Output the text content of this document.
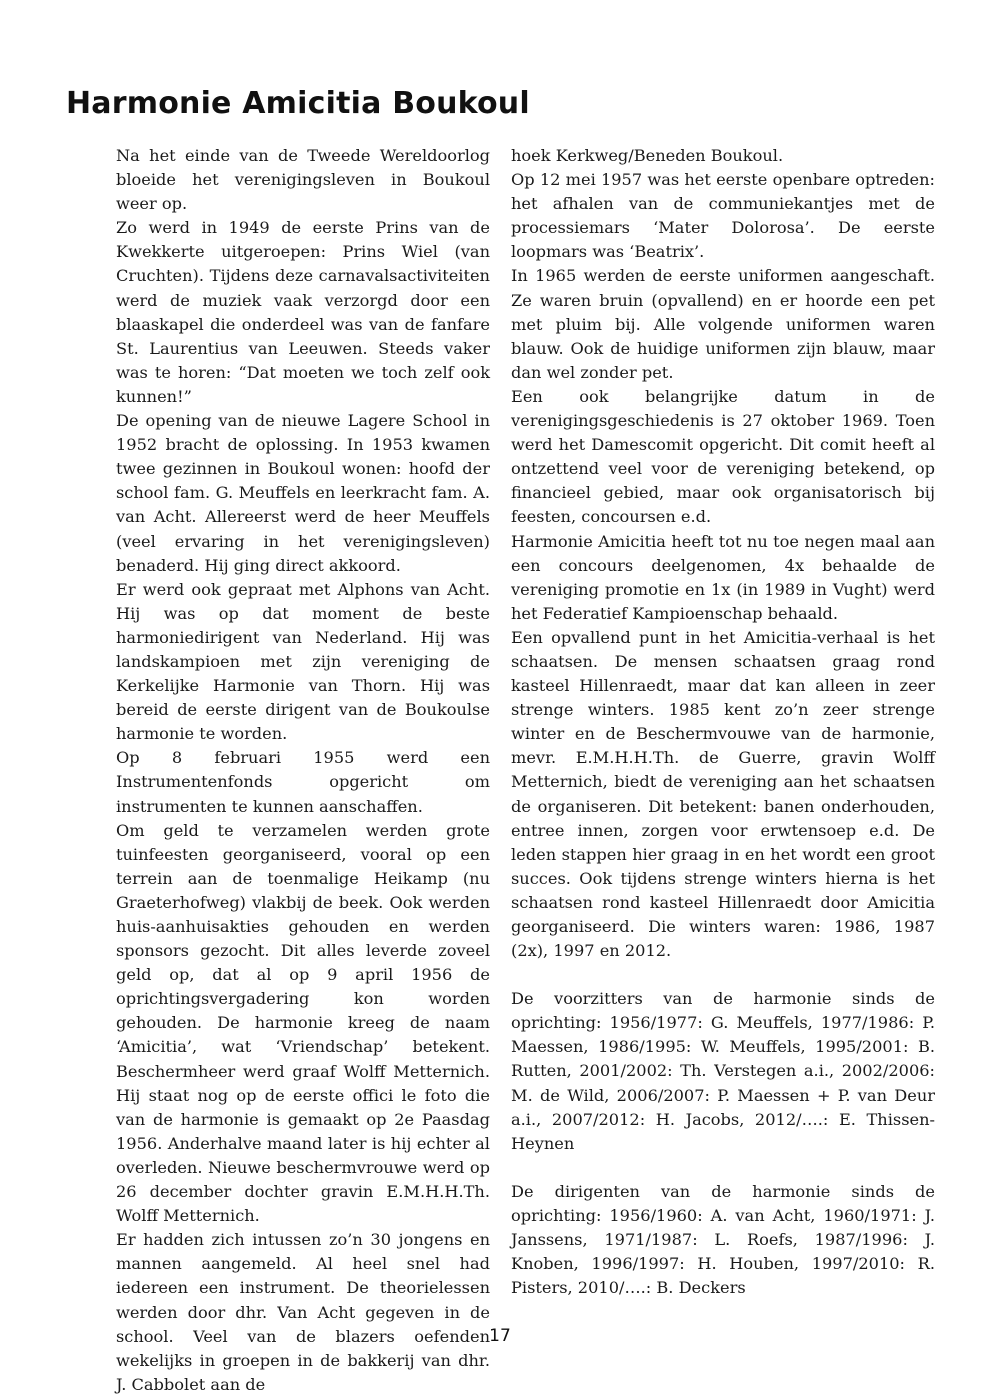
Harmonie Amicitia Boukoul

Na het einde van de Tweede Wereldoorlog bloeide het verenigingsleven in Boukoul weer op.

Zo werd in 1949 de eerste Prins van de Kwekkerte uitgeroepen: Prins Wiel (van Cruchten). Tijdens deze carnavalsactiviteiten werd de muziek vaak verzorgd door een blaaskapel die onderdeel was van de fanfare St. Laurentius van Leeuwen. Steeds vaker was te horen: “Dat moeten we toch zelf ook kunnen!”

De opening van de nieuwe Lagere School in 1952 bracht de oplossing. In 1953 kwamen twee gezinnen in Boukoul wonen: hoofd der school fam. G. Meuffels en leerkracht fam. A. van Acht. Allereerst werd de heer Meuffels (veel ervaring in het verenigingsleven) benaderd. Hij ging direct akkoord.

Er werd ook gepraat met Alphons van Acht. Hij was op dat moment de beste harmoniedirigent van Nederland. Hij was landskampioen met zijn vereniging de Kerkelijke Harmonie van Thorn. Hij was bereid de eerste dirigent van de Boukoulse harmonie te worden.

Op 8 februari 1955 werd een Instrumentenfonds opgericht om instrumenten te kunnen aanschaffen.

Om geld te verzamelen werden grote tuinfeesten georganiseerd, vooral op een terrein aan de toenmalige Heikamp (nu Graeterhofweg) vlakbij de beek. Ook werden huis-aanhuisakties gehouden en werden sponsors gezocht. Dit alles leverde zoveel geld op, dat al op 9 april 1956 de oprichtingsvergadering kon worden gehouden. De harmonie kreeg de naam ‘Amicitia’, wat ‘Vriendschap’ betekent. Beschermheer werd graaf Wolff Metternich. Hij staat nog op de eerste offici le foto die van de harmonie is gemaakt op 2e Paasdag 1956. Anderhalve maand later is hij echter al overleden. Nieuwe beschermvrouwe werd op 26 december dochter gravin E.M.H.H.Th. Wolff Metternich.

Er hadden zich intussen zo’n 30 jongens en mannen aangemeld. Al heel snel had iedereen een instrument. De theorielessen werden door dhr. Van Acht gegeven in de school. Veel van de blazers oefenden wekelijks in groepen in de bakkerij van dhr. J. Cabbolet aan de

hoek Kerkweg/Beneden Boukoul.

Op 12 mei 1957 was het eerste openbare optreden: het afhalen van de communiekantjes met de processiemars ‘Mater Dolorosa’. De eerste loopmars was ‘Beatrix’.

In 1965 werden de eerste uniformen aangeschaft. Ze waren bruin (opvallend) en er hoorde een pet met pluim bij. Alle volgende uniformen waren blauw. Ook de huidige uniformen zijn blauw, maar dan wel zonder pet.

Een ook belangrijke datum in de verenigingsgeschiedenis is 27 oktober 1969. Toen werd het Damescomit opgericht. Dit comit heeft al ontzettend veel voor de vereniging betekend, op financieel gebied, maar ook organisatorisch bij feesten, concoursen e.d.

Harmonie Amicitia heeft tot nu toe negen maal aan een concours deelgenomen, 4x behaalde de vereniging promotie en 1x (in 1989 in Vught) werd het Federatief Kampioenschap behaald.

Een opvallend punt in het Amicitia-verhaal is het schaatsen. De mensen schaatsen graag rond kasteel Hillenraedt, maar dat kan alleen in zeer strenge winters. 1985 kent zo’n zeer strenge winter en de Beschermvouwe van de harmonie, mevr. E.M.H.H.Th. de Guerre, gravin Wolff Metternich, biedt de vereniging aan het schaatsen de organiseren. Dit betekent: banen onderhouden, entree innen, zorgen voor erwtensoep e.d. De leden stappen hier graag in en het wordt een groot succes. Ook tijdens strenge winters hierna is het schaatsen rond kasteel Hillenraedt door Amicitia georganiseerd. Die winters waren: 1986, 1987 (2x), 1997 en 2012.

De voorzitters van de harmonie sinds de oprichting: 1956/1977: G. Meuffels, 1977/1986: P. Maessen, 1986/1995: W. Meuffels, 1995/2001: B. Rutten, 2001/2002: Th. Verstegen a.i., 2002/2006: M. de Wild, 2006/2007: P. Maessen + P. van Deur a.i., 2007/2012: H. Jacobs, 2012/….: E. Thissen-Heynen

De dirigenten van de harmonie sinds de oprichting: 1956/1960: A. van Acht, 1960/1971: J. Janssens, 1971/1987: L. Roefs, 1987/1996: J. Knoben, 1996/1997: H. Houben, 1997/2010: R. Pisters, 2010/….: B. Deckers

17
